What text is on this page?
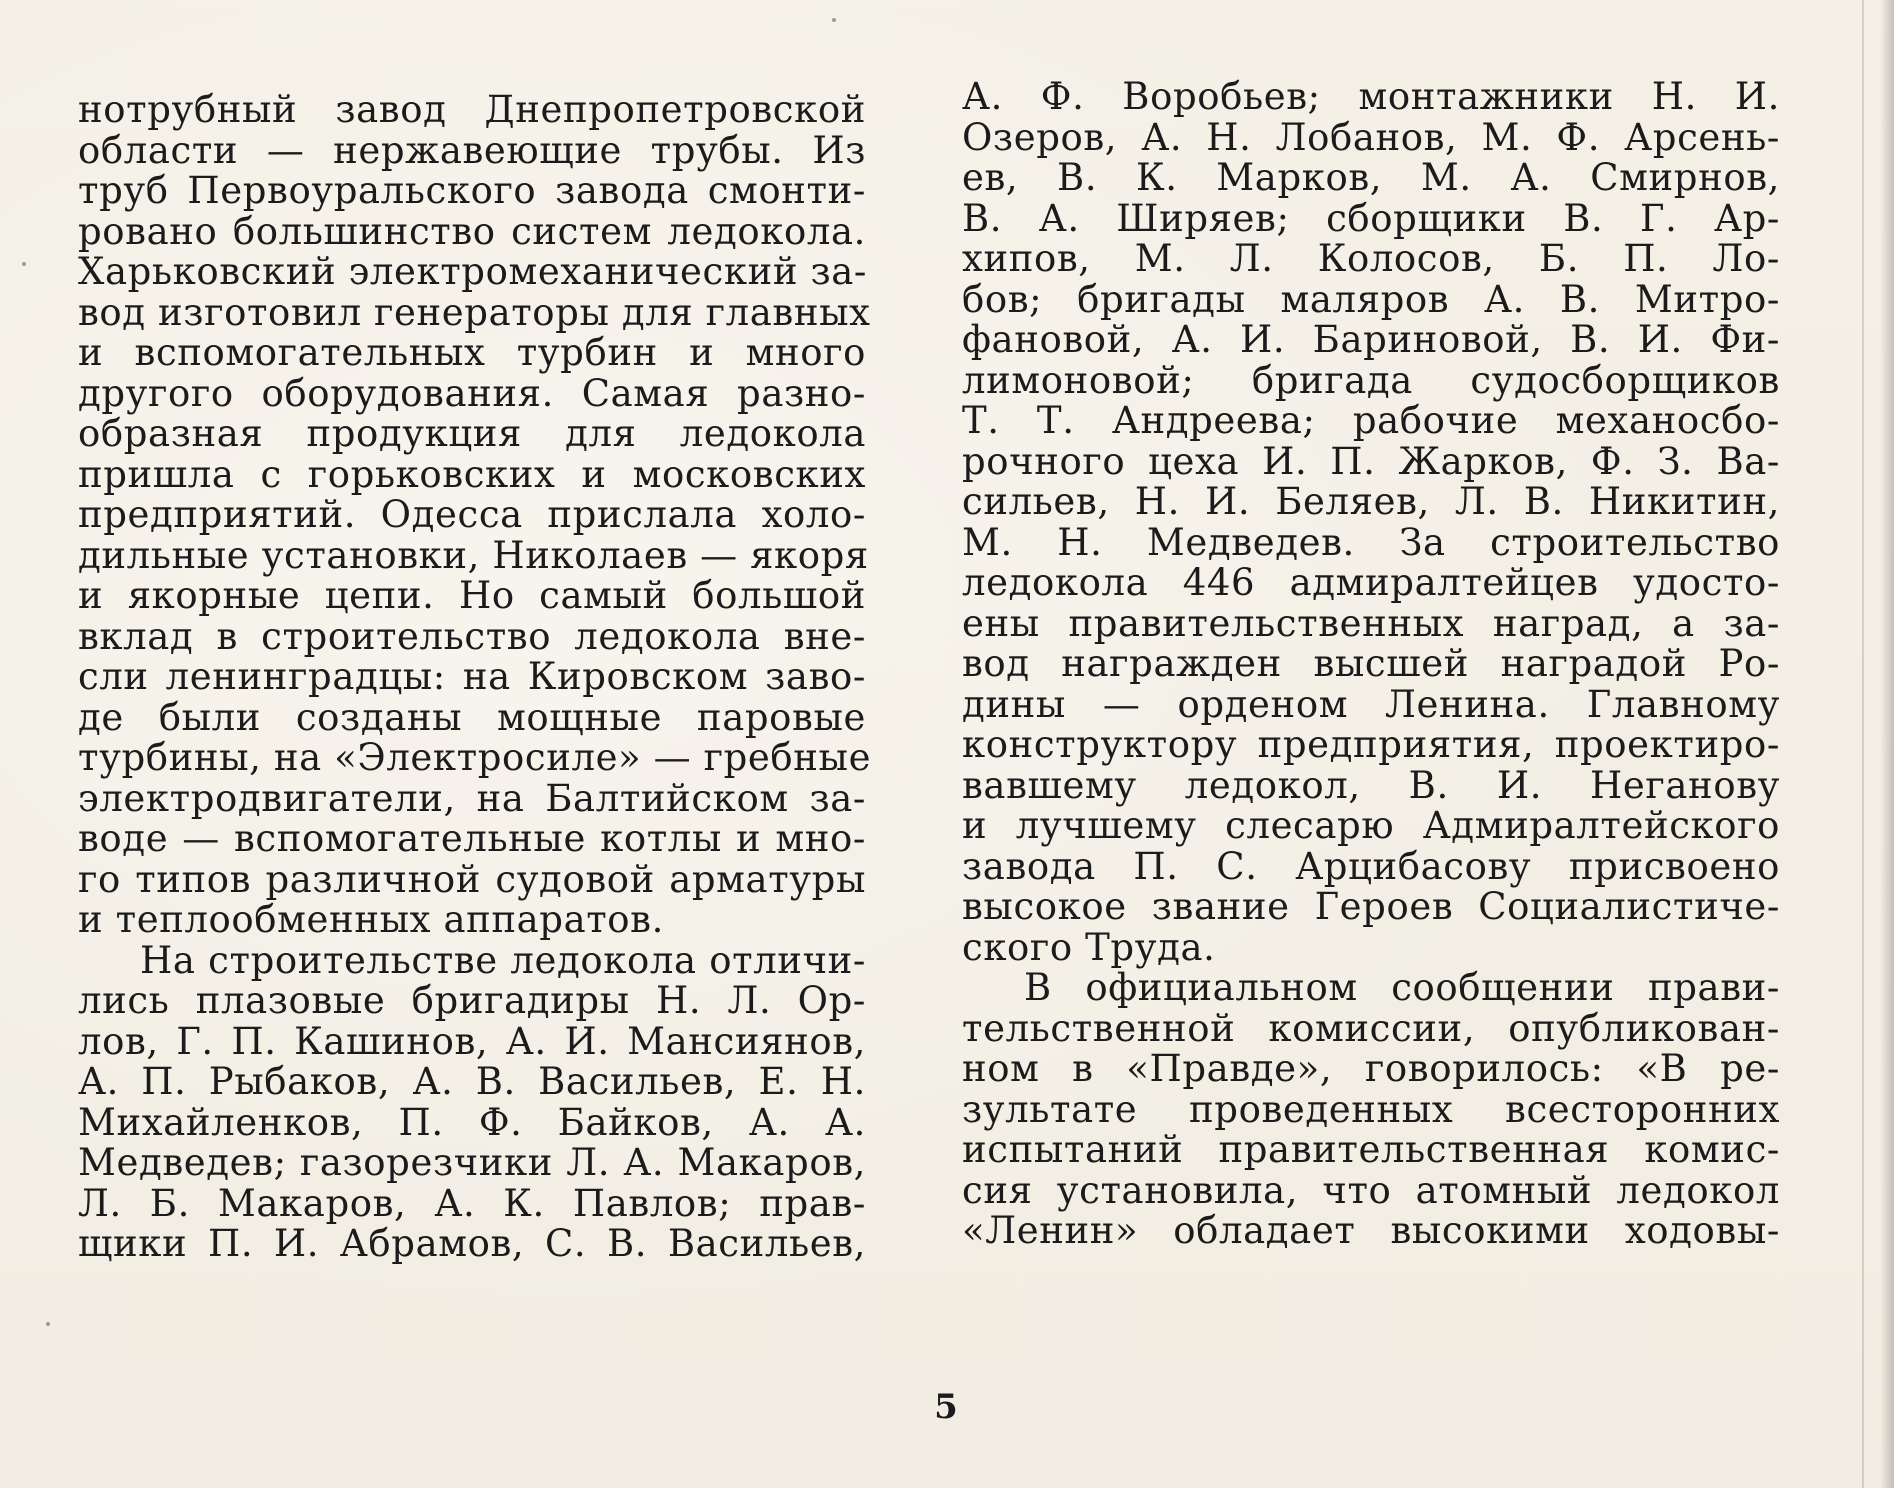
нотрубный завод Днепропетровской
области — нержавеющие трубы. Из
труб Первоуральского завода смонти-
ровано большинство систем ледокола.
Харьковский электромеханический за-
вод изготовил генераторы для главных
и вспомогательных турбин и много
другого оборудования. Самая разно-
образная продукция для ледокола
пришла с горьковских и московских
предприятий. Одесса прислала холо-
дильные установки, Николаев — якоря
и якорные цепи. Но самый большой
вклад в строительство ледокола вне-
сли ленинградцы: на Кировском заво-
де были созданы мощные паровые
турбины, на «Электросиле» — гребные
электродвигатели, на Балтийском за-
воде — вспомогательные котлы и мно-
го типов различной судовой арматуры
и теплообменных аппаратов.
На строительстве ледокола отличи-
лись плазовые бригадиры Н. Л. Ор-
лов, Г. П. Кашинов, А. И. Мансиянов,
А. П. Рыбаков, А. В. Васильев, Е. Н.
Михайленков, П. Ф. Байков, А. А.
Медведев; газорезчики Л. А. Макаров,
Л. Б. Макаров, А. К. Павлов; прав-
щики П. И. Абрамов, С. В. Васильев,
А. Ф. Воробьев; монтажники Н. И.
Озеров, А. Н. Лобанов, М. Ф. Арсень-
ев, В. К. Марков, М. А. Смирнов,
В. А. Ширяев; сборщики В. Г. Ар-
хипов, М. Л. Колосов, Б. П. Ло-
бов; бригады маляров А. В. Митро-
фановой, А. И. Бариновой, В. И. Фи-
лимоновой; бригада судосборщиков
Т. Т. Андреева; рабочие механосбо-
рочного цеха И. П. Жарков, Ф. З. Ва-
сильев, Н. И. Беляев, Л. В. Никитин,
М. Н. Медведев. За строительство
ледокола 446 адмиралтейцев удосто-
ены правительственных наград, а за-
вод награжден высшей наградой Ро-
дины — орденом Ленина. Главному
конструктору предприятия, проектиро-
вавшему ледокол, В. И. Неганову
и лучшему слесарю Адмиралтейского
завода П. С. Арцибасову присвоено
высокое звание Героев Социалистиче-
ского Труда.
В официальном сообщении прави-
тельственной комиссии, опубликован-
ном в «Правде», говорилось: «В ре-
зультате проведенных всесторонних
испытаний правительственная комис-
сия установила, что атомный ледокол
«Ленин» обладает высокими ходовы-
5
